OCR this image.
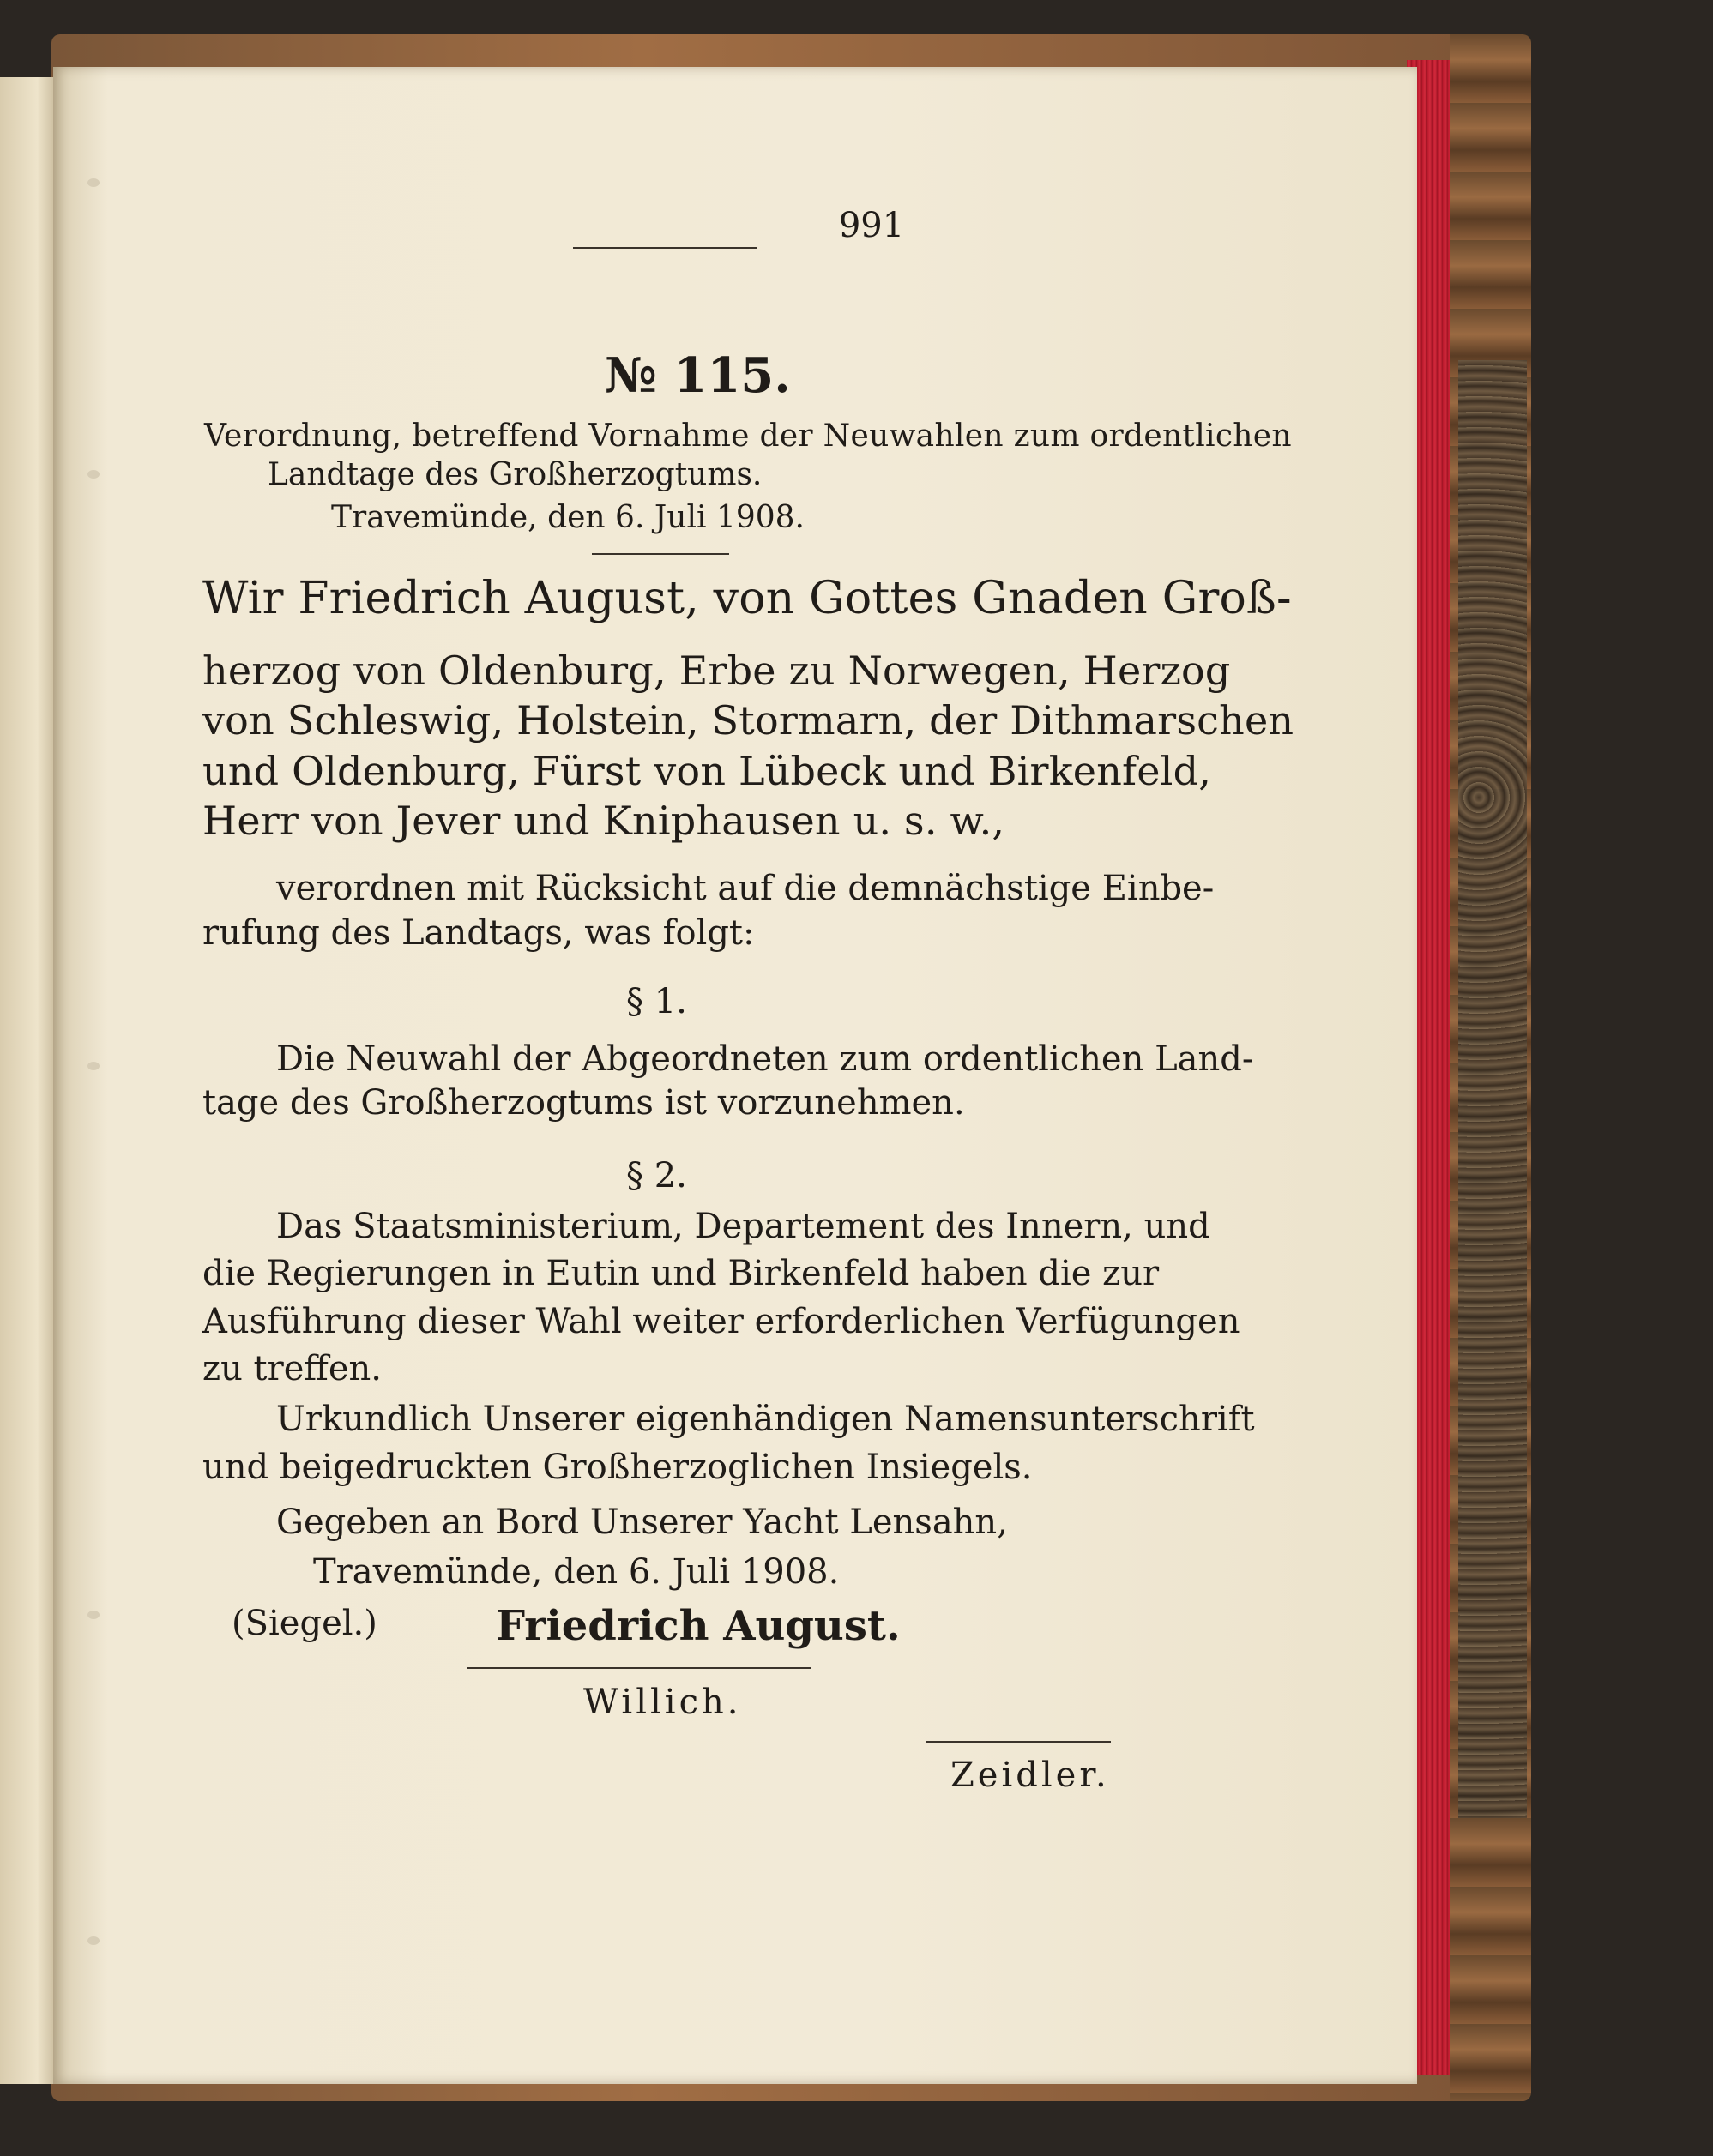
991
№ 115.
Verordnung, betreffend Vornahme der Neuwahlen zum ordentlichen
Landtage des Großherzogtums.
Travemünde, den 6. Juli 1908.
Wir Friedrich August, von Gottes Gnaden Groß-
herzog von Oldenburg, Erbe zu Norwegen, Herzog
von Schleswig, Holstein, Stormarn, der Dithmarschen
und Oldenburg, Fürst von Lübeck und Birkenfeld,
Herr von Jever und Kniphausen u. s. w.,
verordnen mit Rücksicht auf die demnächstige Einbe-
rufung des Landtags, was folgt:
§ 1.
Die Neuwahl der Abgeordneten zum ordentlichen Land-
tage des Großherzogtums ist vorzunehmen.
§ 2.
Das Staatsministerium, Departement des Innern, und
die Regierungen in Eutin und Birkenfeld haben die zur
Ausführung dieser Wahl weiter erforderlichen Verfügungen
zu treffen.
Urkundlich Unserer eigenhändigen Namensunterschrift
und beigedruckten Großherzoglichen Insiegels.
Gegeben an Bord Unserer Yacht Lensahn,
Travemünde, den 6. Juli 1908.
(Siegel.)	Friedrich August.
Willich.
Zeidler.
